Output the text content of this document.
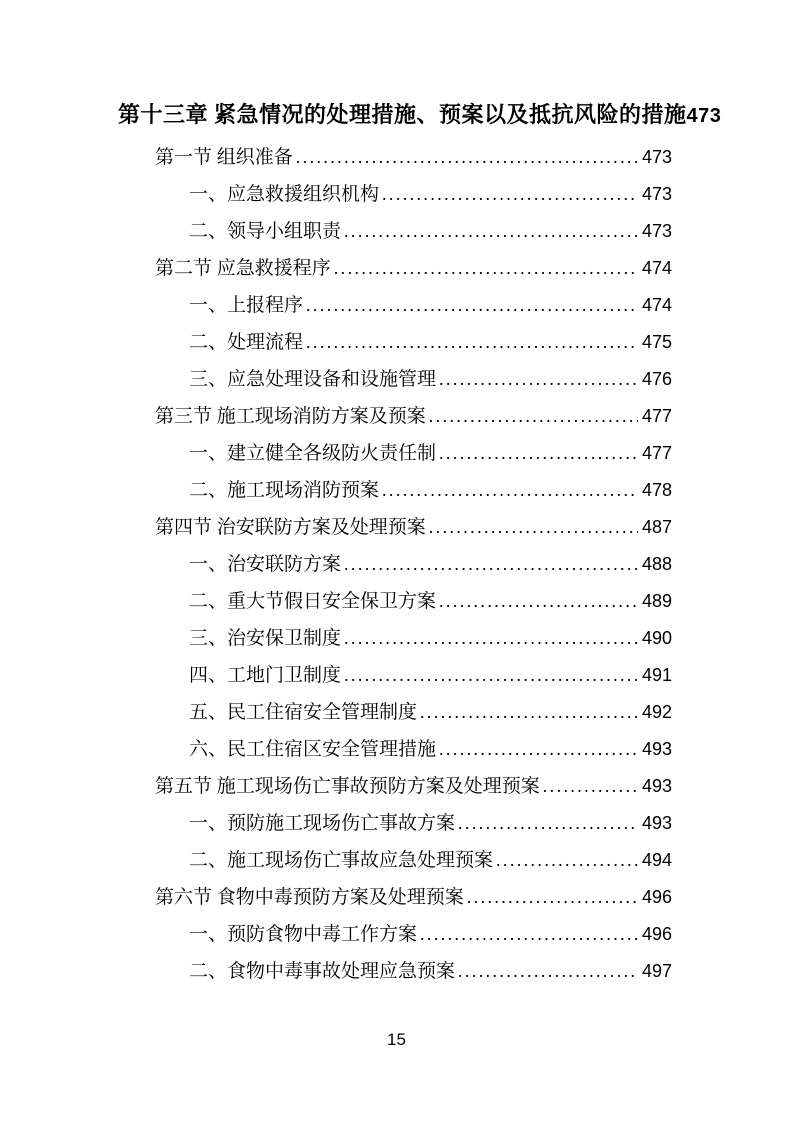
第十三章 紧急情况的处理措施、预案以及抵抗风险的措施473
第一节 组织准备 .....	473
一、应急救援组织机构 .....	473
二、领导小组职责 .....	473
第二节 应急救援程序 .....	474
一、上报程序 .....	474
二、处理流程 .....	475
三、应急处理设备和设施管理 .....	476
第三节 施工现场消防方案及预案 .....	477
一、建立健全各级防火责任制 .....	477
二、施工现场消防预案 .....	478
第四节 治安联防方案及处理预案 .....	487
一、治安联防方案 .....	488
二、重大节假日安全保卫方案 .....	489
三、治安保卫制度 .....	490
四、工地门卫制度 .....	491
五、民工住宿安全管理制度 .....	492
六、民工住宿区安全管理措施 .....	493
第五节 施工现场伤亡事故预防方案及处理预案 .....	493
一、预防施工现场伤亡事故方案 .....	493
二、施工现场伤亡事故应急处理预案 .....	494
第六节 食物中毒预防方案及处理预案 .....	496
一、预防食物中毒工作方案 .....	496
二、食物中毒事故处理应急预案 .....	497
15
